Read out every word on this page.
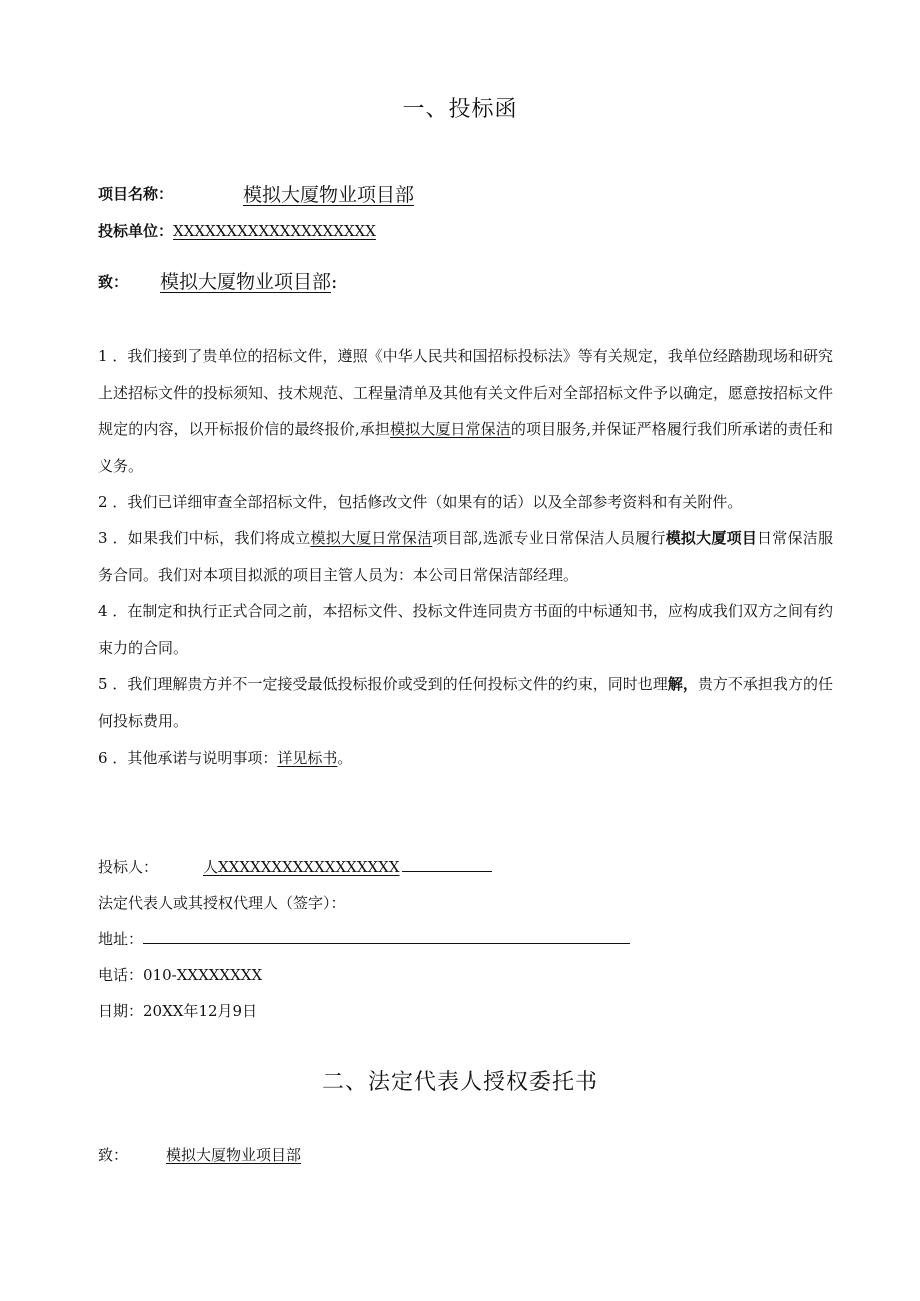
一、投标函
项目名称：	模拟大厦物业项目部
投标单位：XXXXXXXXXXXXXXXXXXX
致： 模拟大厦物业项目部:
1 ．我们接到了贵单位的招标文件，遵照《中华人民共和国招标投标法》等有关规定，我单位经踏勘现场和研究上述招标文件的投标须知、技术规范、工程量清单及其他有关文件后对全部招标文件予以确定，愿意按招标文件规定的内容，以开标报价信的最终报价,承担模拟大厦日常保洁的项目服务,并保证严格履行我们所承诺的责任和义务。
2 ．我们已详细审查全部招标文件，包括修改文件（如果有的话）以及全部参考资料和有关附件。
3 ．如果我们中标，我们将成立模拟大厦日常保洁项目部,选派专业日常保洁人员履行模拟大厦项目日常保洁服务合同。我们对本项目拟派的项目主管人员为：本公司日常保洁部经理。
4 ．在制定和执行正式合同之前，本招标文件、投标文件连同贵方书面的中标通知书，应构成我们双方之间有约束力的合同。
5 ．我们理解贵方并不一定接受最低投标报价或受到的任何投标文件的约束，同时也理解，贵方不承担我方的任何投标费用。
6 ．其他承诺与说明事项：详见标书。
投标人：	人XXXXXXXXXXXXXXXXX
法定代表人或其授权代理人（签字）：
地址：
电话：010-XXXXXXXX
日期：20XX年12月9日
二、法定代表人授权委托书
致：	模拟大厦物业项目部
